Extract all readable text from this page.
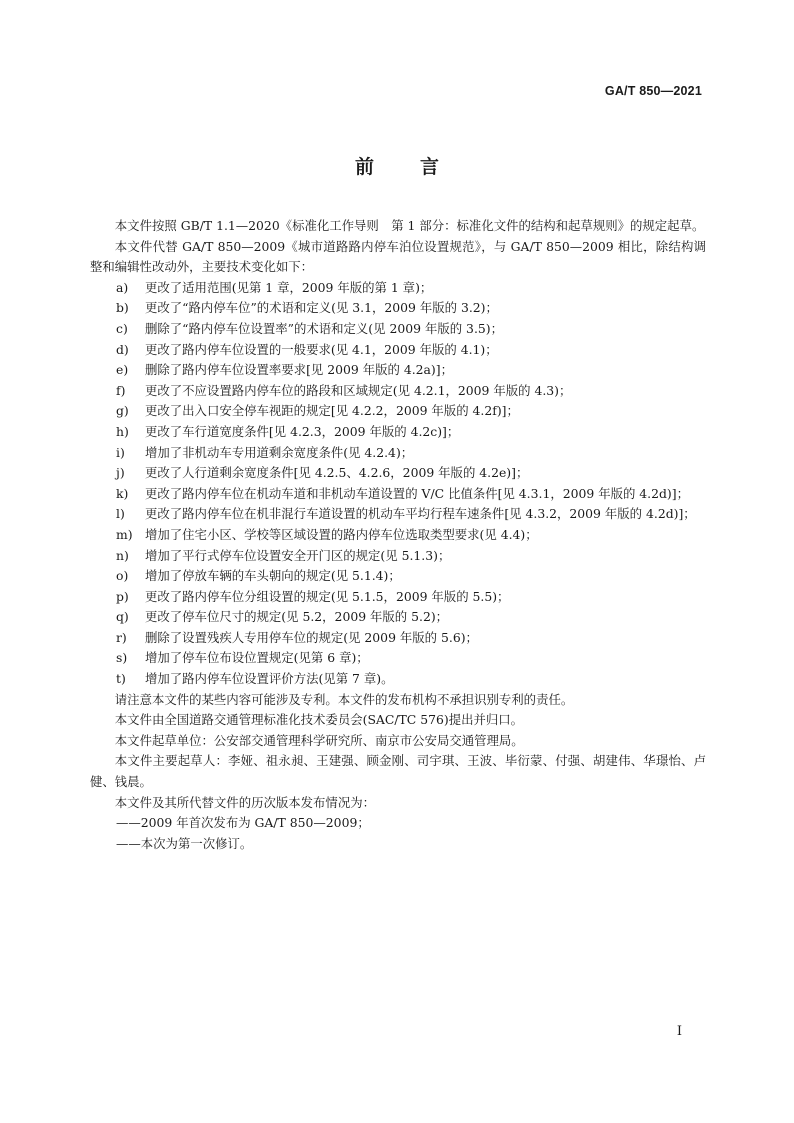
GA/T 850—2021
前言

本文件按照 GB/T 1.1—2020《标准化工作导则　第 1 部分：标准化文件的结构和起草规则》的规定起草。

本文件代替 GA/T 850—2009《城市道路路内停车泊位设置规范》，与 GA/T 850—2009 相比，除结构调整和编辑性改动外，主要技术变化如下：

a)	更改了适用范围(见第 1 章，2009 年版的第 1 章)；
b)	更改了“路内停车位”的术语和定义(见 3.1，2009 年版的 3.2)；
c)	删除了“路内停车位设置率”的术语和定义(见 2009 年版的 3.5)；
d)	更改了路内停车位设置的一般要求(见 4.1，2009 年版的 4.1)；
e)	删除了路内停车位设置率要求[见 2009 年版的 4.2a)]；
f)	更改了不应设置路内停车位的路段和区域规定(见 4.2.1，2009 年版的 4.3)；
g)	更改了出入口安全停车视距的规定[见 4.2.2，2009 年版的 4.2f)]；
h)	更改了车行道宽度条件[见 4.2.3，2009 年版的 4.2c)]；
i)	增加了非机动车专用道剩余宽度条件(见 4.2.4)；
j)	更改了人行道剩余宽度条件[见 4.2.5、4.2.6，2009 年版的 4.2e)]；
k)	更改了路内停车位在机动车道和非机动车道设置的 V/C 比值条件[见 4.3.1，2009 年版的 4.2d)]；
l)	更改了路内停车位在机非混行车道设置的机动车平均行程车速条件[见 4.3.2，2009 年版的 4.2d)]；
m)	增加了住宅小区、学校等区域设置的路内停车位选取类型要求(见 4.4)；
n)	增加了平行式停车位设置安全开门区的规定(见 5.1.3)；
o)	增加了停放车辆的车头朝向的规定(见 5.1.4)；
p)	更改了路内停车位分组设置的规定(见 5.1.5，2009 年版的 5.5)；
q)	更改了停车位尺寸的规定(见 5.2，2009 年版的 5.2)；
r)	删除了设置残疾人专用停车位的规定(见 2009 年版的 5.6)；
s)	增加了停车位布设位置规定(见第 6 章)；
t)	增加了路内停车位设置评价方法(见第 7 章)。

请注意本文件的某些内容可能涉及专利。本文件的发布机构不承担识别专利的责任。

本文件由全国道路交通管理标准化技术委员会(SAC/TC 576)提出并归口。

本文件起草单位：公安部交通管理科学研究所、南京市公安局交通管理局。

本文件主要起草人：李娅、祖永昶、王建强、顾金刚、司宇琪、王波、毕衍蒙、付强、胡建伟、华璟怡、卢健、钱晨。

本文件及其所代替文件的历次版本发布情况为：

——2009 年首次发布为 GA/T 850—2009；

——本次为第一次修订。

I
